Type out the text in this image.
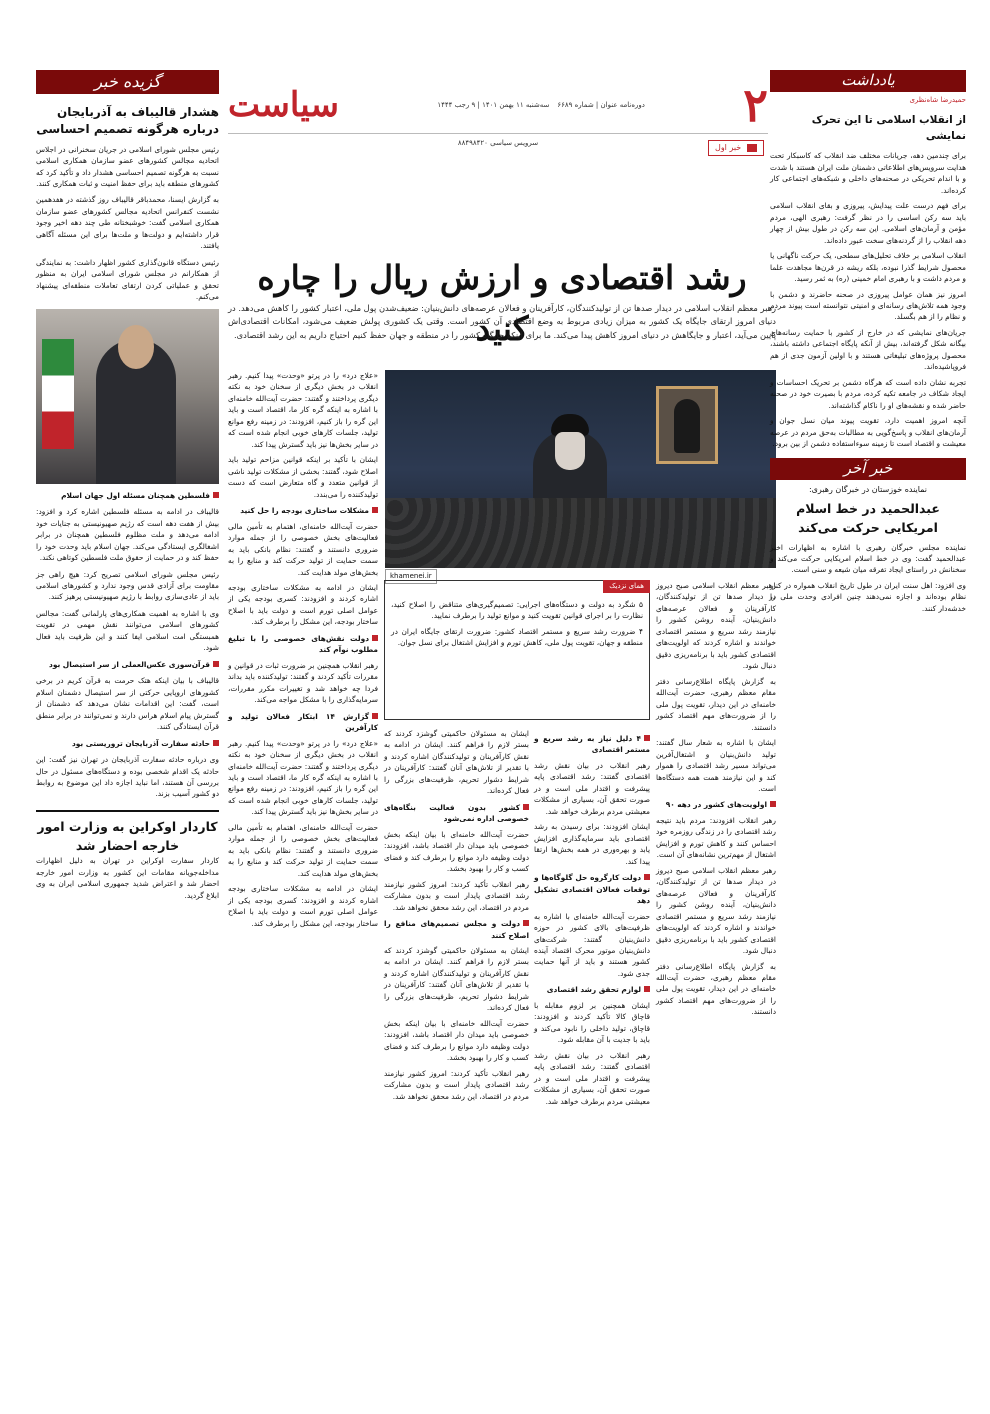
۲
دوره‌نامه عنوان | شماره ۶۶۸۹
سه‌شنبه ۱۱ بهمن ۱۴۰۱ | ۹ رجب ۱۴۴۴
سیاست
سرویس سیاسی ۸۸۴۹۸۴۲۰	خبر اول
رشد اقتصادی و ارزش ریال را چاره کنید

رهبر معظم انقلاب اسلامی در دیدار صدها تن از تولیدکنندگان، کارآفرینان و فعالان عرصه‌های دانش‌بنیان: ضعیف‌شدن پول ملی، اعتبار کشور را کاهش می‌دهد. در دنیای امروز ارتقای جایگاه یک کشور به میزان زیادی مربوط به وضع اقتصادی آن کشور است. وقتی یک کشوری پولش ضعیف می‌شود، امکانات اقتصادی‌اش پایین می‌آید، اعتبار و جایگاهش در دنیای امروز کاهش پیدا می‌کند. ما برای اینکه جایگاه کشور را در منطقه و جهان حفظ کنیم احتیاج داریم به این رشد اقتصادی.

khamenei.ir

«علاج درد» را در پرتو «وحدت» پیدا کنیم. رهبر انقلاب در بخش دیگری از سخنان خود به نکته دیگری پرداختند و گفتند: حضرت آیت‌الله خامنه‌ای با اشاره به اینکه گره کار ما، اقتصاد است و باید این گره را باز کنیم، افزودند: در زمینه رفع موانع تولید، جلسات کارهای خوبی انجام شده است که در سایر بخش‌ها نیز باید گسترش پیدا کند.

ایشان با تأکید بر اینکه قوانین مزاحم تولید باید اصلاح شود، گفتند: بخشی از مشکلات تولید ناشی از قوانین متعدد و گاه متعارض است که دست تولیدکننده را می‌بندد.

مشکلات ساختاری بودجه را حل کنید

حضرت آیت‌الله خامنه‌ای، اهتمام به تأمین مالی فعالیت‌های بخش خصوصی را از جمله موارد ضروری دانستند و گفتند: نظام بانکی باید به سمت حمایت از تولید حرکت کند و منابع را به بخش‌های مولد هدایت کند.

ایشان در ادامه به مشکلات ساختاری بودجه اشاره کردند و افزودند: کسری بودجه یکی از عوامل اصلی تورم است و دولت باید با اصلاح ساختار بودجه، این مشکل را برطرف کند.

دولت نقش‌های خصوصی را با تبلیغ مطلوب نوآم کند

رهبر انقلاب همچنین بر ضرورت ثبات در قوانین و مقررات تأکید کردند و گفتند: تولیدکننده باید بداند فردا چه خواهد شد و تغییرات مکرر مقررات، سرمایه‌گذاری را با مشکل مواجه می‌کند.

گزارش ۱۴ ابتکار فعالان تولید و کارآفرین

«علاج درد» را در پرتو «وحدت» پیدا کنیم. رهبر انقلاب در بخش دیگری از سخنان خود به نکته دیگری پرداختند و گفتند: حضرت آیت‌الله خامنه‌ای با اشاره به اینکه گره کار ما، اقتصاد است و باید این گره را باز کنیم، افزودند: در زمینه رفع موانع تولید، جلسات کارهای خوبی انجام شده است که در سایر بخش‌ها نیز باید گسترش پیدا کند.

حضرت آیت‌الله خامنه‌ای، اهتمام به تأمین مالی فعالیت‌های بخش خصوصی را از جمله موارد ضروری دانستند و گفتند: نظام بانکی باید به سمت حمایت از تولید حرکت کند و منابع را به بخش‌های مولد هدایت کند.

ایشان در ادامه به مشکلات ساختاری بودجه اشاره کردند و افزودند: کسری بودجه یکی از عوامل اصلی تورم است و دولت باید با اصلاح ساختار بودجه، این مشکل را برطرف کند.

همای نزدیک
۵ شگرد به دولت و دستگاه‌های اجرایی: تصمیم‌گیری‌های متناقض را اصلاح کنید، نظارت را بر اجرای قوانین تقویت کنید و موانع تولید را برطرف نمایید.
۴ ضرورت رشد سریع و مستمر اقتصاد کشور: ضرورت ارتقای جایگاه ایران در منطقه و جهان، تقویت پول ملی، کاهش تورم و افزایش اشتغال برای نسل جوان.

ایشان به مسئولان حاکمیتی گوشزد کردند که بستر لازم را فراهم کنند. ایشان در ادامه به نقش کارآفرینان و تولیدکنندگان اشاره کردند و با تقدیر از تلاش‌های آنان گفتند: کارآفرینان در شرایط دشوار تحریم، ظرفیت‌های بزرگی را فعال کرده‌اند.

کشور بدون فعالیت بنگاه‌های خصوصی اداره نمی‌شود

حضرت آیت‌الله خامنه‌ای با بیان اینکه بخش خصوصی باید میدان دار اقتصاد باشد، افزودند: دولت وظیفه دارد موانع را برطرف کند و فضای کسب و کار را بهبود بخشد.

رهبر انقلاب تأکید کردند: امروز کشور نیازمند رشد اقتصادی پایدار است و بدون مشارکت مردم در اقتصاد، این رشد محقق نخواهد شد.

دولت و مجلس تصمیم‌های منافع را اصلاح کنند

ایشان به مسئولان حاکمیتی گوشزد کردند که بستر لازم را فراهم کنند. ایشان در ادامه به نقش کارآفرینان و تولیدکنندگان اشاره کردند و با تقدیر از تلاش‌های آنان گفتند: کارآفرینان در شرایط دشوار تحریم، ظرفیت‌های بزرگی را فعال کرده‌اند.

حضرت آیت‌الله خامنه‌ای با بیان اینکه بخش خصوصی باید میدان دار اقتصاد باشد، افزودند: دولت وظیفه دارد موانع را برطرف کند و فضای کسب و کار را بهبود بخشد.

رهبر انقلاب تأکید کردند: امروز کشور نیازمند رشد اقتصادی پایدار است و بدون مشارکت مردم در اقتصاد، این رشد محقق نخواهد شد.

۴ دلیل نیاز به رشد سریع و مستمر اقتصادی

رهبر انقلاب در بیان نقش رشد اقتصادی گفتند: رشد اقتصادی پایه پیشرفت و اقتدار ملی است و در صورت تحقق آن، بسیاری از مشکلات معیشتی مردم برطرف خواهد شد.

ایشان افزودند: برای رسیدن به رشد اقتصادی باید سرمایه‌گذاری افزایش یابد و بهره‌وری در همه بخش‌ها ارتقا پیدا کند.

دولت کارگروه حل گلوگاه‌ها و توقعات فعالان اقتصادی تشکیل دهد

حضرت آیت‌الله خامنه‌ای با اشاره به ظرفیت‌های بالای کشور در حوزه دانش‌بنیان گفتند: شرکت‌های دانش‌بنیان موتور محرک اقتصاد آینده کشور هستند و باید از آنها حمایت جدی شود.

لوازم تحقق رشد اقتصادی

ایشان همچنین بر لزوم مقابله با قاچاق کالا تأکید کردند و افزودند: قاچاق، تولید داخلی را نابود می‌کند و باید با جدیت با آن مقابله شود.

رهبر انقلاب در بیان نقش رشد اقتصادی گفتند: رشد اقتصادی پایه پیشرفت و اقتدار ملی است و در صورت تحقق آن، بسیاری از مشکلات معیشتی مردم برطرف خواهد شد.

رهبر معظم انقلاب اسلامی صبح دیروز در دیدار صدها تن از تولیدکنندگان، کارآفرینان و فعالان عرصه‌های دانش‌بنیان، آینده روشن کشور را نیازمند رشد سریع و مستمر اقتصادی خواندند و اشاره کردند که اولویت‌های اقتصادی کشور باید با برنامه‌ریزی دقیق دنبال شود.

به گزارش پایگاه اطلاع‌رسانی دفتر مقام معظم رهبری، حضرت آیت‌الله خامنه‌ای در این دیدار، تقویت پول ملی را از ضرورت‌های مهم اقتصاد کشور دانستند.

ایشان با اشاره به شعار سال گفتند: تولید دانش‌بنیان و اشتغال‌آفرین می‌تواند مسیر رشد اقتصادی را هموار کند و این نیازمند همت همه دستگاه‌ها است.

اولویت‌های کشور در دهه ۹۰

رهبر انقلاب افزودند: مردم باید نتیجه رشد اقتصادی را در زندگی روزمره خود احساس کنند و کاهش تورم و افزایش اشتغال از مهم‌ترین نشانه‌های آن است.

رهبر معظم انقلاب اسلامی صبح دیروز در دیدار صدها تن از تولیدکنندگان، کارآفرینان و فعالان عرصه‌های دانش‌بنیان، آینده روشن کشور را نیازمند رشد سریع و مستمر اقتصادی خواندند و اشاره کردند که اولویت‌های اقتصادی کشور باید با برنامه‌ریزی دقیق دنبال شود.

به گزارش پایگاه اطلاع‌رسانی دفتر مقام معظم رهبری، حضرت آیت‌الله خامنه‌ای در این دیدار، تقویت پول ملی را از ضرورت‌های مهم اقتصاد کشور دانستند.

گزیده خبر
هشدار قالیباف به آذربایجان درباره هرگونه تصمیم احساسی

رئیس مجلس شورای اسلامی در جریان سخنرانی در اجلاس اتحادیه مجالس کشورهای عضو سازمان همکاری اسلامی نسبت به هرگونه تصمیم احساسی هشدار داد و تأکید کرد که کشورهای منطقه باید برای حفظ امنیت و ثبات همکاری کنند.

به گزارش ایسنا، محمدباقر قالیباف روز گذشته در هفدهمین نشست کنفرانس اتحادیه مجالس کشورهای عضو سازمان همکاری اسلامی گفت: خوشبختانه طی چند دهه اخیر وجود قرار داشته‌ایم و دولت‌ها و ملت‌ها برای این مسئله آگاهی یافتند.

رئیس دستگاه قانون‌گذاری کشور اظهار داشت: به نمایندگی از همکارانم در مجلس شورای اسلامی ایران به منظور تحقق و عملیاتی کردن ارتقای تعاملات منطقه‌ای پیشنهاد می‌کنم.

فلسطین همچنان مسئله اول جهان اسلام

قالیباف در ادامه به مسئله فلسطین اشاره کرد و افزود: بیش از هفت دهه است که رژیم صهیونیستی به جنایات خود ادامه می‌دهد و ملت مظلوم فلسطین همچنان در برابر اشغالگری ایستادگی می‌کند. جهان اسلام باید وحدت خود را حفظ کند و در حمایت از حقوق ملت فلسطین کوتاهی نکند.

رئیس مجلس شورای اسلامی تصریح کرد: هیچ راهی جز مقاومت برای آزادی قدس وجود ندارد و کشورهای اسلامی باید از عادی‌سازی روابط با رژیم صهیونیستی پرهیز کنند.

وی با اشاره به اهمیت همکاری‌های پارلمانی گفت: مجالس کشورهای اسلامی می‌توانند نقش مهمی در تقویت همبستگی امت اسلامی ایفا کنند و این ظرفیت باید فعال شود.

قرآن‌سوزی عکس‌العملی از سر استیصال بود

قالیباف با بیان اینکه هتک حرمت به قرآن کریم در برخی کشورهای اروپایی حرکتی از سر استیصال دشمنان اسلام است، گفت: این اقدامات نشان می‌دهد که دشمنان از گسترش پیام اسلام هراس دارند و نمی‌توانند در برابر منطق قرآن ایستادگی کنند.

حادثه سفارت آذربایجان تروریستی بود

وی درباره حادثه سفارت آذربایجان در تهران نیز گفت: این حادثه یک اقدام شخصی بوده و دستگاه‌های مسئول در حال بررسی آن هستند، اما نباید اجازه داد این موضوع به روابط دو کشور آسیب بزند.

کاردار اوکراین به وزارت امور خارجه احضار شد

کاردار سفارت اوکراین در تهران به دلیل اظهارات مداخله‌جویانه مقامات این کشور به وزارت امور خارجه احضار شد و اعتراض شدید جمهوری اسلامی ایران به وی ابلاغ گردید.

یادداشت
حمیدرضا شاه‌نظری
از انقلاب اسلامی تا این تحرک نمایشی

برای چندمین دهه، جریانات مختلف ضد انقلاب که کاسبکار تحت هدایت سرویس‌های اطلاعاتی دشمنان ملت ایران هستند با شدت و با اندام تحریکی در صحنه‌های داخلی و شبکه‌های اجتماعی کار کرده‌اند.

برای فهم درست علت پیدایش، پیروزی و بقای انقلاب اسلامی باید سه رکن اساسی را در نظر گرفت: رهبری الهی، مردم مؤمن و آرمان‌های اسلامی. این سه رکن در طول بیش از چهار دهه انقلاب را از گردنه‌های سخت عبور داده‌اند.

انقلاب اسلامی بر خلاف تحلیل‌های سطحی، یک حرکت ناگهانی یا محصول شرایط گذرا نبوده، بلکه ریشه در قرن‌ها مجاهدت علما و مردم داشت و با رهبری امام خمینی (ره) به ثمر رسید.

امروز نیز همان عوامل پیروزی در صحنه حاضرند و دشمن با وجود همه تلاش‌های رسانه‌ای و امنیتی نتوانسته است پیوند مردم و نظام را از هم بگسلد.

جریان‌های نمایشی که در خارج از کشور با حمایت رسانه‌های بیگانه شکل گرفته‌اند، بیش از آنکه پایگاه اجتماعی داشته باشند، محصول پروژه‌های تبلیغاتی هستند و با اولین آزمون جدی از هم فروپاشیده‌اند.

تجربه نشان داده است که هرگاه دشمن بر تحریک احساسات و ایجاد شکاف در جامعه تکیه کرده، مردم با بصیرت خود در صحنه حاضر شده و نقشه‌های او را ناکام گذاشته‌اند.

آنچه امروز اهمیت دارد، تقویت پیوند میان نسل جوان و آرمان‌های انقلاب و پاسخ‌گویی به مطالبات به‌حق مردم در عرصه معیشت و اقتصاد است تا زمینه سوءاستفاده دشمن از بین برود.

خبر آخر
نماینده خوزستان در خبرگان رهبری:
عبدالحمید در خط اسلام امریکایی حرکت می‌کند

نماینده مجلس خبرگان رهبری با اشاره به اظهارات اخیر عبدالحمید گفت: وی در خط اسلام امریکایی حرکت می‌کند و سخنانش در راستای ایجاد تفرقه میان شیعه و سنی است.

وی افزود: اهل سنت ایران در طول تاریخ انقلاب همواره در کنار نظام بوده‌اند و اجازه نمی‌دهند چنین افرادی وحدت ملی را خدشه‌دار کنند.
